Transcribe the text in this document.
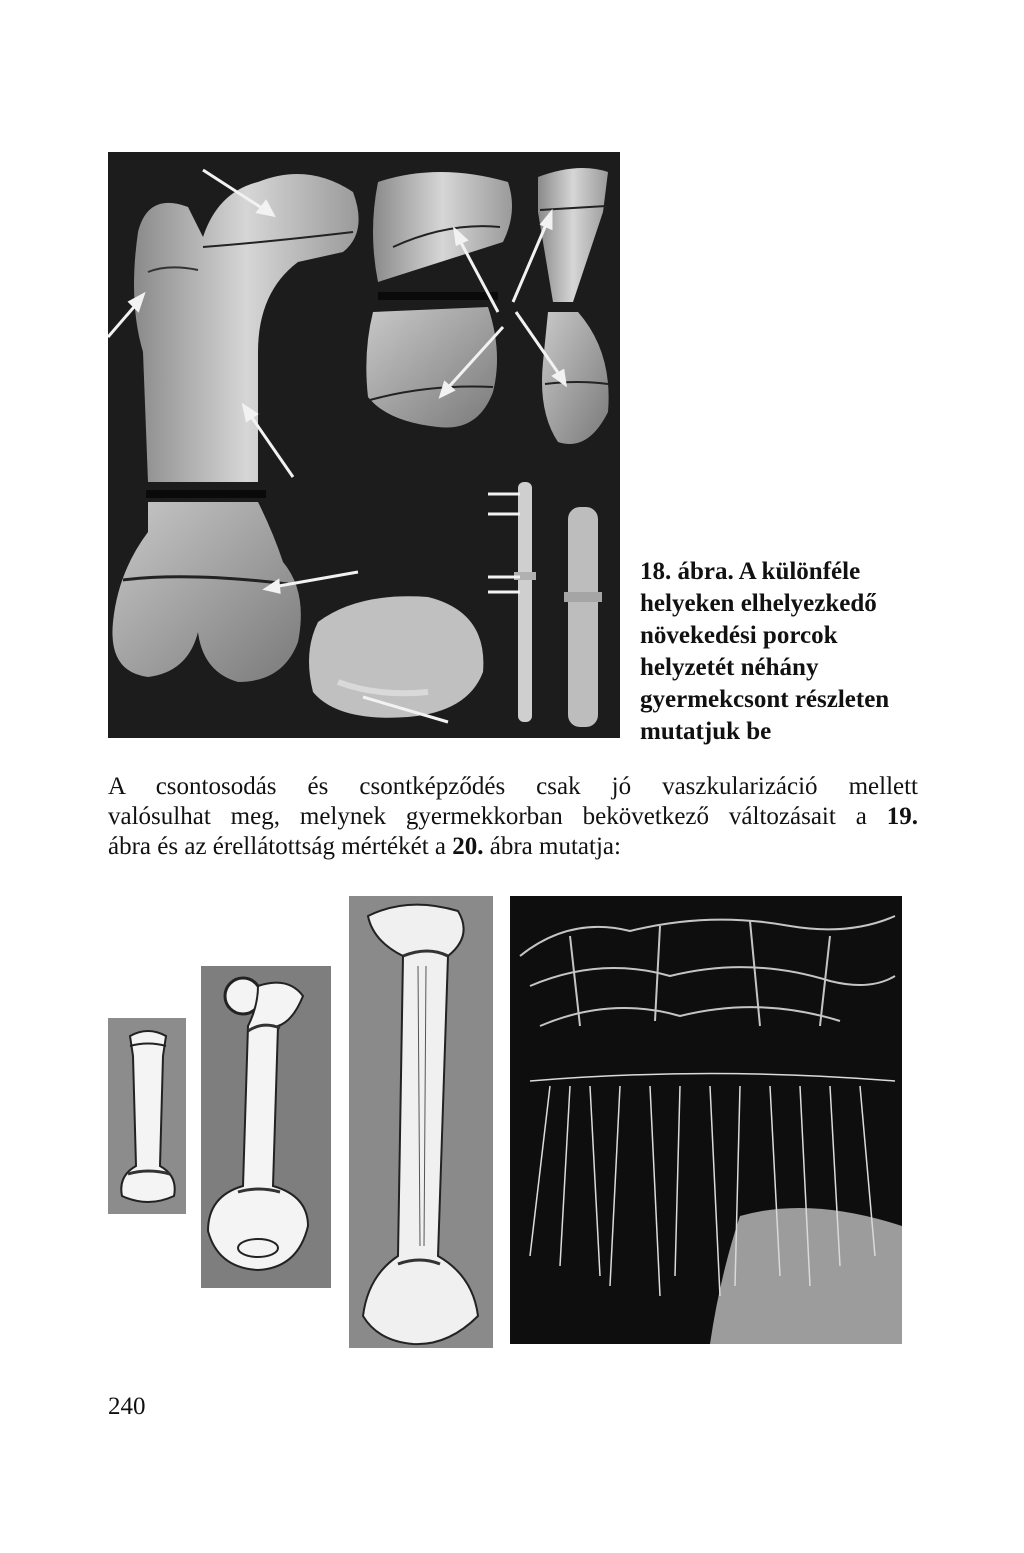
18. ábra. A különféle
helyeken elhelyezkedő
növekedési porcok
helyzetét néhány
gyermekcsont részleten
mutatjuk be
A csontosodás és csontképződés csak jó vaszkularizáció mellett
valósulhat meg, melynek gyermekkorban bekövetkező változásait a 19.
ábra és az érellátottság mértékét a 20. ábra mutatja:
240
